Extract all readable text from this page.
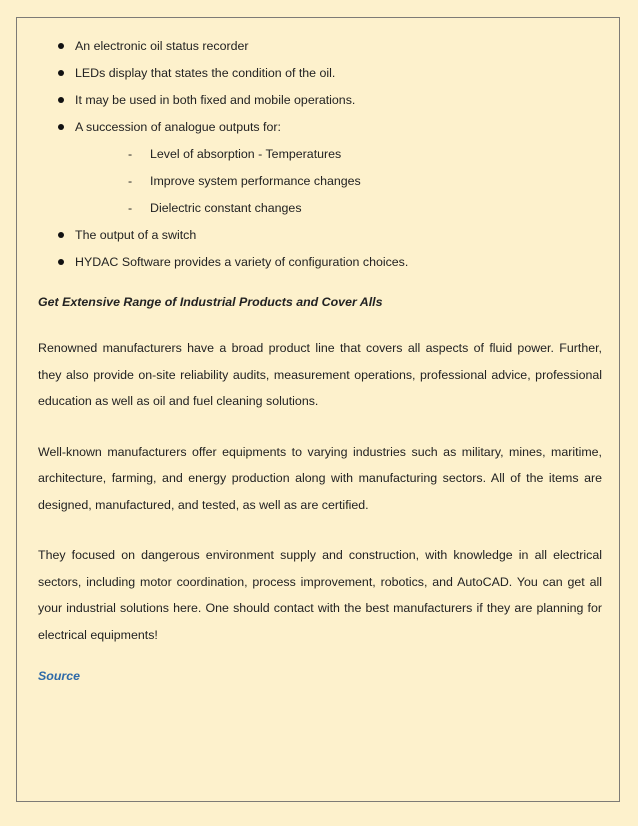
An electronic oil status recorder
LEDs display that states the condition of the oil.
It may be used in both fixed and mobile operations.
A succession of analogue outputs for:
- Level of absorption - Temperatures
- Improve system performance changes
- Dielectric constant changes
The output of a switch
HYDAC Software provides a variety of configuration choices.

Get Extensive Range of Industrial Products and Cover Alls

Renowned manufacturers have a broad product line that covers all aspects of fluid power. Further, they also provide on-site reliability audits, measurement operations, professional advice, professional education as well as oil and fuel cleaning solutions.

Well-known manufacturers offer equipments to varying industries such as military, mines, maritime, architecture, farming, and energy production along with manufacturing sectors. All of the items are designed, manufactured, and tested, as well as are certified.

They focused on dangerous environment supply and construction, with knowledge in all electrical sectors, including motor coordination, process improvement, robotics, and AutoCAD. You can get all your industrial solutions here. One should contact with the best manufacturers if they are planning for electrical equipments!

Source
